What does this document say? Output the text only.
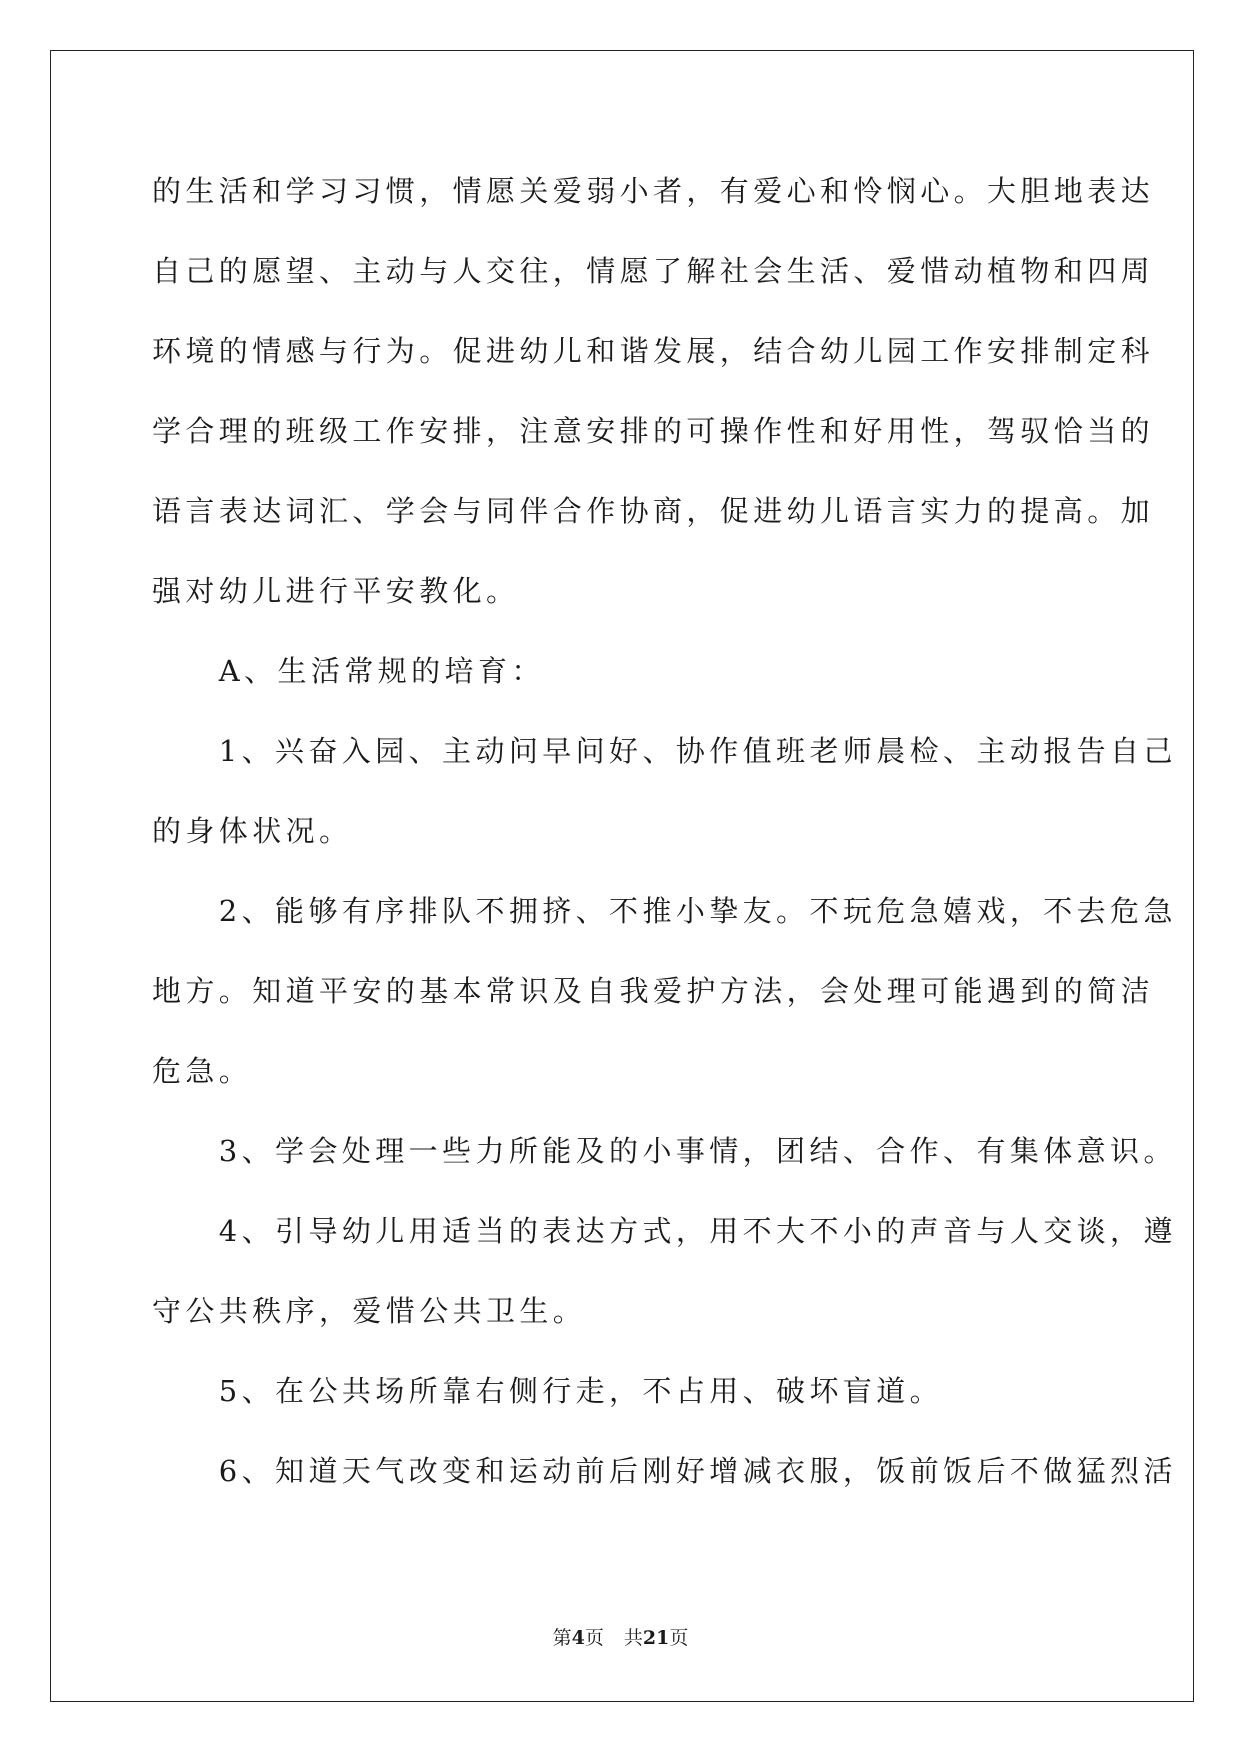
的生活和学习习惯，情愿关爱弱小者，有爱心和怜悯心。大胆地表达
自己的愿望、主动与人交往，情愿了解社会生活、爱惜动植物和四周
环境的情感与行为。促进幼儿和谐发展，结合幼儿园工作安排制定科
学合理的班级工作安排，注意安排的可操作性和好用性，驾驭恰当的
语言表达词汇、学会与同伴合作协商，促进幼儿语言实力的提高。加
强对幼儿进行平安教化。
　　A、生活常规的培育：
　　1、兴奋入园、主动问早问好、协作值班老师晨检、主动报告自己
的身体状况。
　　2、能够有序排队不拥挤、不推小挚友。不玩危急嬉戏，不去危急
地方。知道平安的基本常识及自我爱护方法，会处理可能遇到的简洁
危急。
　　3、学会处理一些力所能及的小事情，团结、合作、有集体意识。
　　4、引导幼儿用适当的表达方式，用不大不小的声音与人交谈，遵
守公共秩序，爱惜公共卫生。
　　5、在公共场所靠右侧行走，不占用、破坏盲道。
　　6、知道天气改变和运动前后刚好增减衣服，饭前饭后不做猛烈活
第4页 共21页
